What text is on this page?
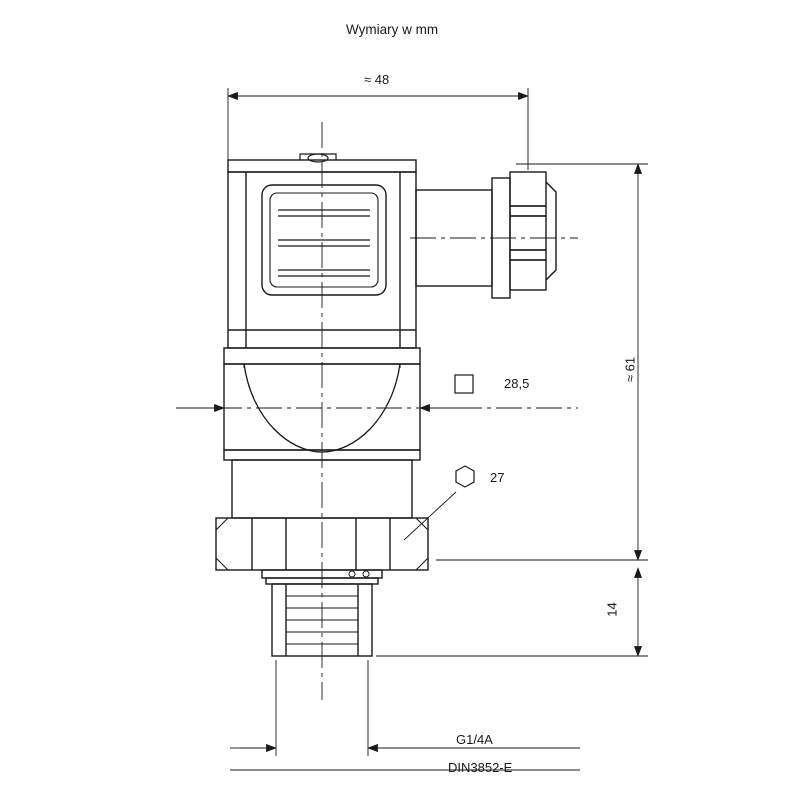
Wymiary w mm
≈ 48
≈ 61
28,5
27
14
G1/4A
DIN3852-E
